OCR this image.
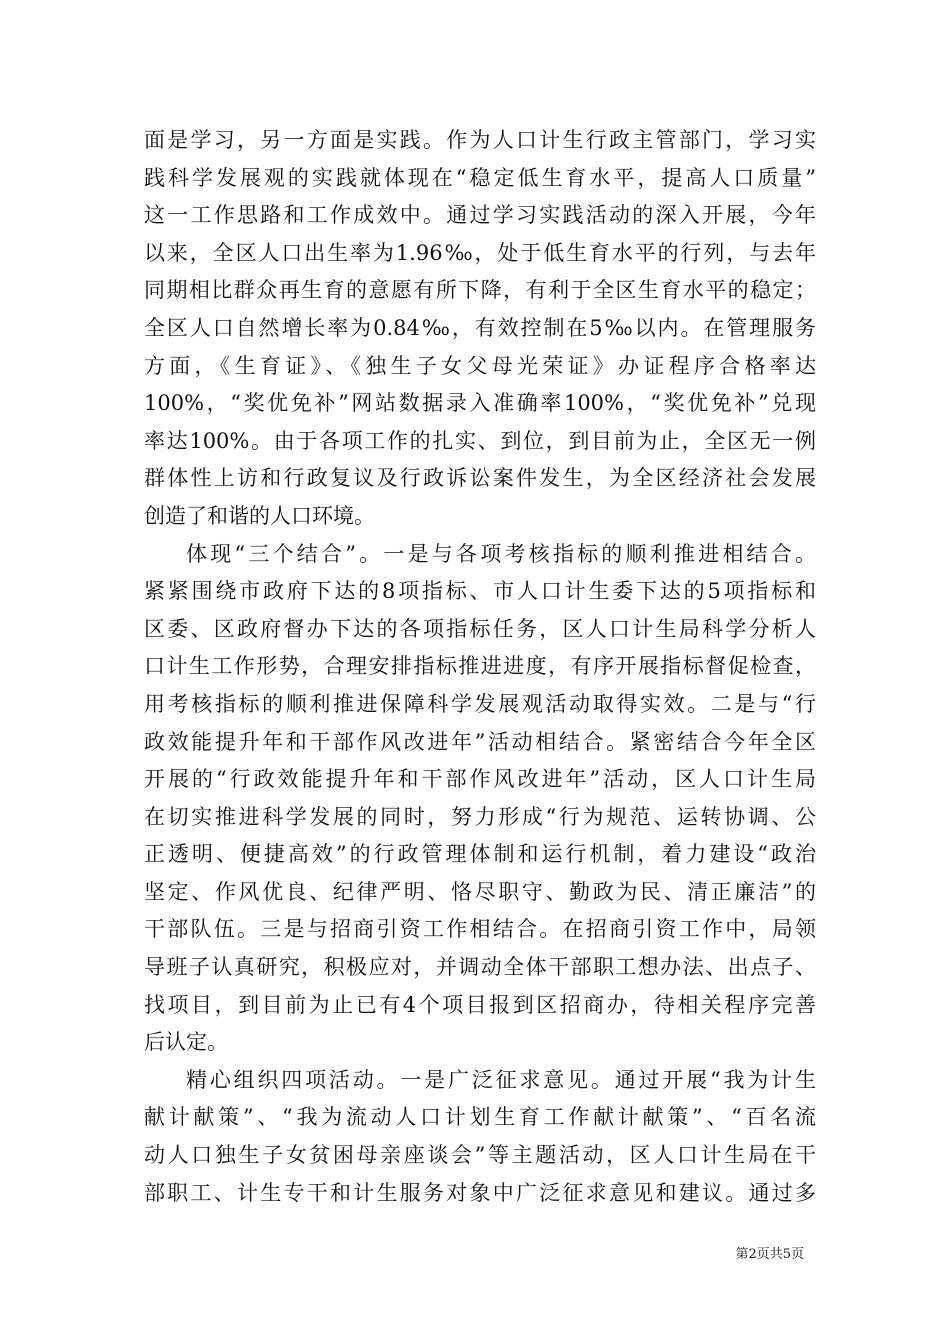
面是学习，另一方面是实践。作为人口计生行政主管部门，学习实
践科学发展观的实践就体现在“稳定低生育水平，提高人口质量”
这一工作思路和工作成效中。通过学习实践活动的深入开展，今年
以来，全区人口出生率为1.96‰，处于低生育水平的行列，与去年
同期相比群众再生育的意愿有所下降，有利于全区生育水平的稳定；
全区人口自然增长率为0.84‰，有效控制在5‰以内。在管理服务
方面，《生育证》、《独生子女父母光荣证》办证程序合格率达
100%，“奖优免补”网站数据录入准确率100%，“奖优免补”兑现
率达100%。由于各项工作的扎实、到位，到目前为止，全区无一例
群体性上访和行政复议及行政诉讼案件发生，为全区经济社会发展
创造了和谐的人口环境。
体现“三个结合”。一是与各项考核指标的顺利推进相结合。
紧紧围绕市政府下达的8项指标、市人口计生委下达的5项指标和
区委、区政府督办下达的各项指标任务，区人口计生局科学分析人
口计生工作形势，合理安排指标推进进度，有序开展指标督促检查，
用考核指标的顺利推进保障科学发展观活动取得实效。二是与“行
政效能提升年和干部作风改进年”活动相结合。紧密结合今年全区
开展的“行政效能提升年和干部作风改进年”活动，区人口计生局
在切实推进科学发展的同时，努力形成“行为规范、运转协调、公
正透明、便捷高效”的行政管理体制和运行机制，着力建设“政治
坚定、作风优良、纪律严明、恪尽职守、勤政为民、清正廉洁”的
干部队伍。三是与招商引资工作相结合。在招商引资工作中，局领
导班子认真研究，积极应对，并调动全体干部职工想办法、出点子、
找项目，到目前为止已有4个项目报到区招商办，待相关程序完善
后认定。
精心组织四项活动。一是广泛征求意见。通过开展“我为计生
献计献策”、“我为流动人口计划生育工作献计献策”、“百名流
动人口独生子女贫困母亲座谈会”等主题活动，区人口计生局在干
部职工、计生专干和计生服务对象中广泛征求意见和建议。通过多
第2页共5页
